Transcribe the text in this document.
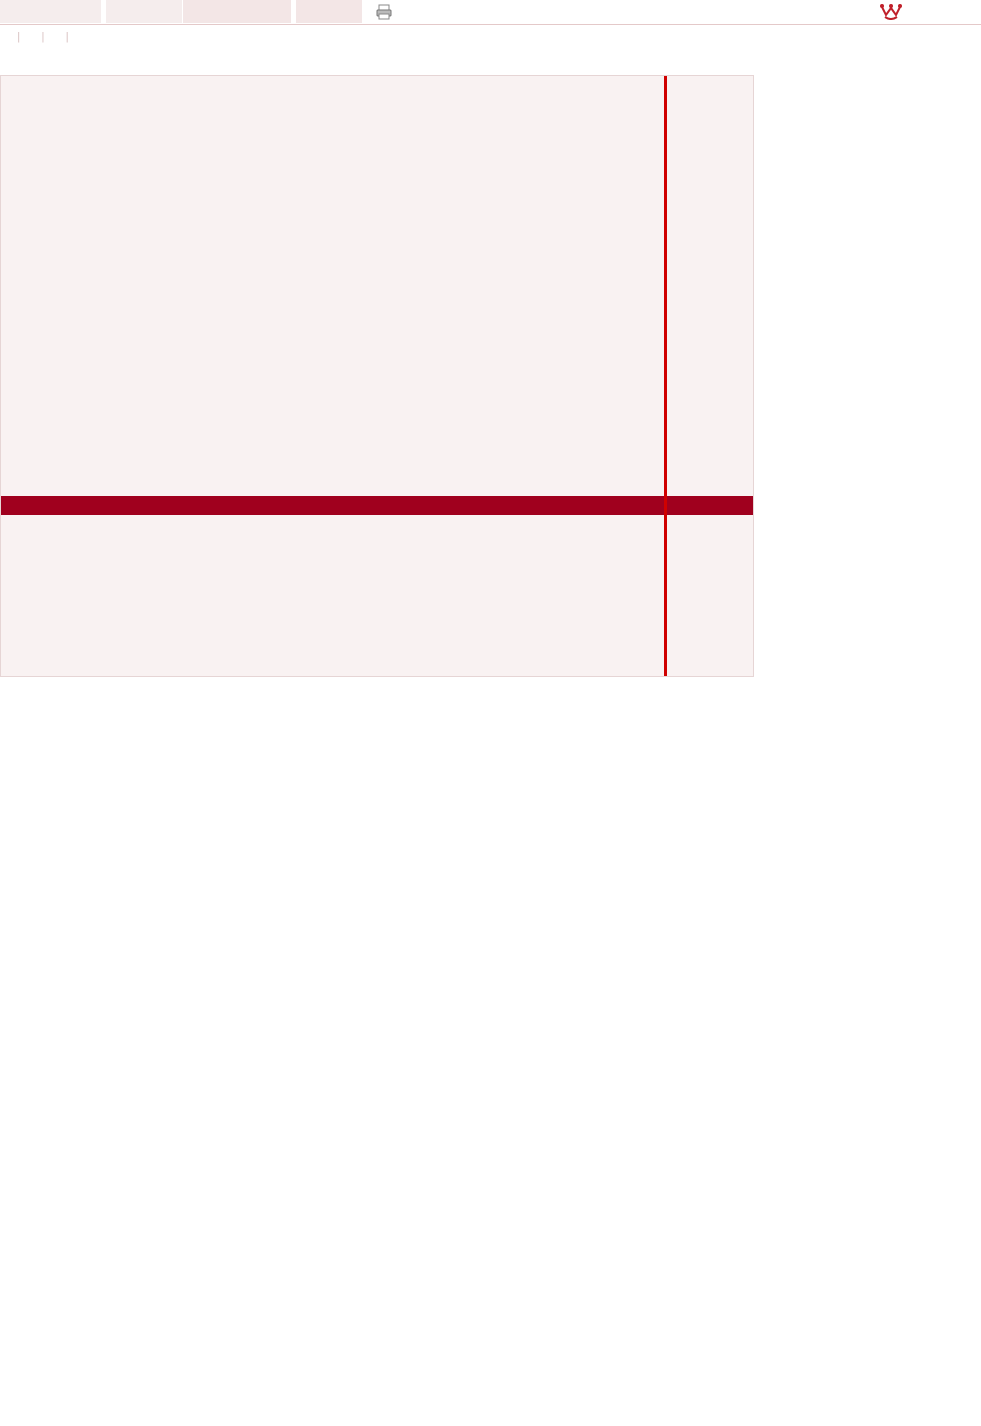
| | |
